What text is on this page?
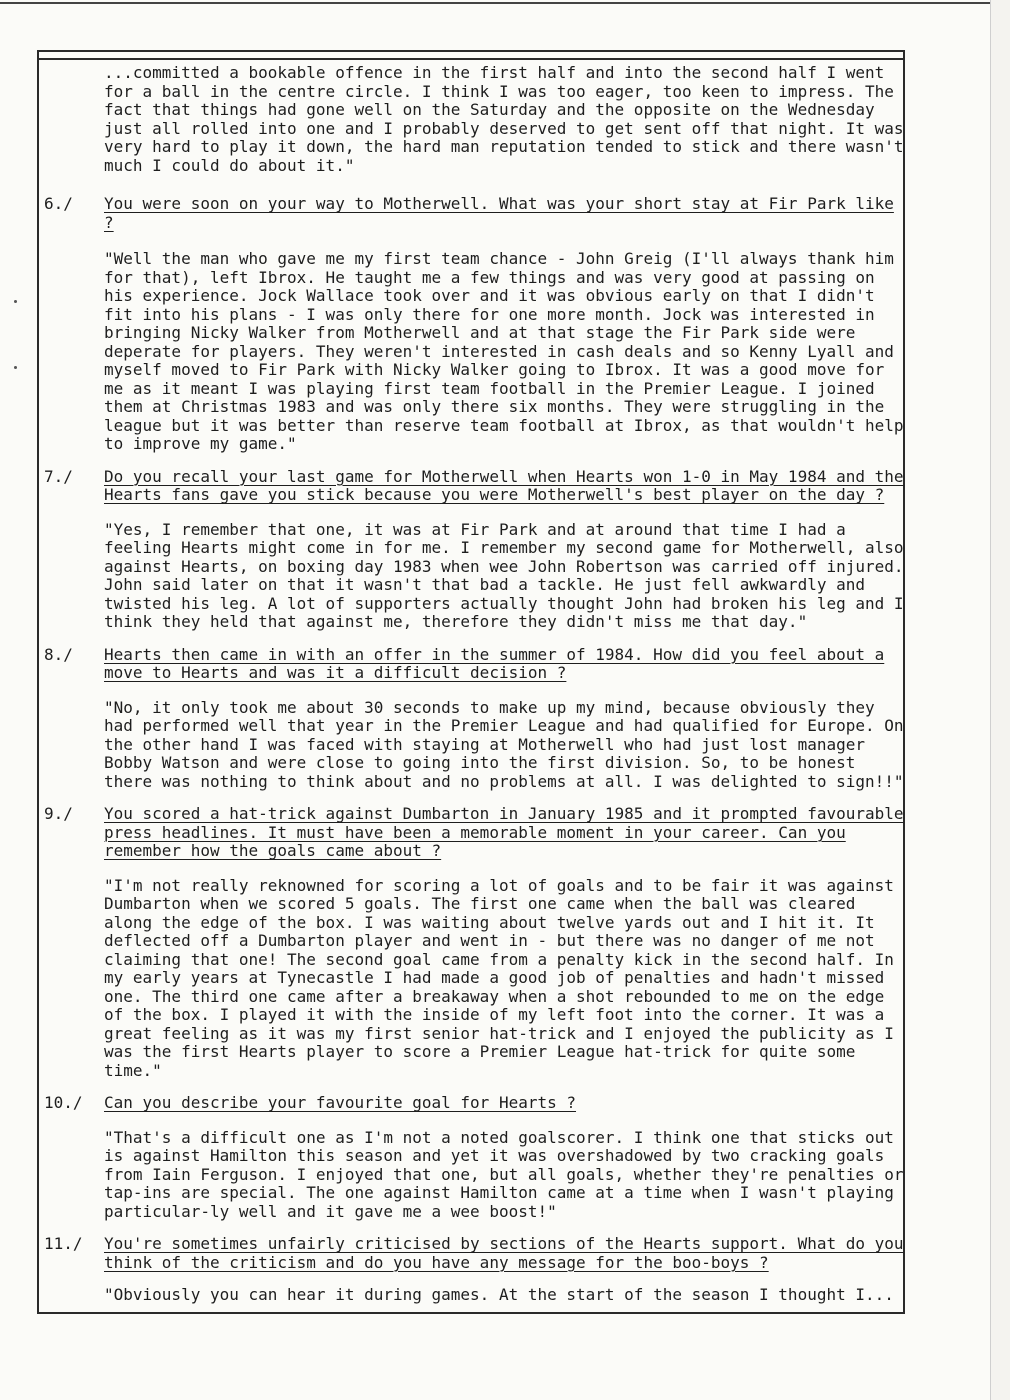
...committed a bookable offence in the first half and into the second half I went for a ball in the centre circle. I think I was too eager, too keen to impress. The fact that things had gone well on the Saturday and the opposite on the Wednesday just all rolled into one and I probably deserved to get sent off that night. It was very hard to play it down, the hard man reputation tended to stick and there wasn't much I could do about it."

6./	You were soon on your way to Motherwell. What was your short stay at Fir Park like ?

"Well the man who gave me my first team chance - John Greig (I'll always thank him for that), left Ibrox. He taught me a few things and was very good at passing on his experience. Jock Wallace took over and it was obvious early on that I didn't fit into his plans - I was only there for one more month. Jock was interested in bringing Nicky Walker from Motherwell and at that stage the Fir Park side were deperate for players. They weren't interested in cash deals and so Kenny Lyall and myself moved to Fir Park with Nicky Walker going to Ibrox. It was a good move for me as it meant I was playing first team football in the Premier League. I joined them at Christmas 1983 and was only there six months. They were struggling in the league but it was better than reserve team football at Ibrox, as that wouldn't help to improve my game."

7./	Do you recall your last game for Motherwell when Hearts won 1-0 in May 1984 and the Hearts fans gave you stick because you were Motherwell's best player on the day ?

"Yes, I remember that one, it was at Fir Park and at around that time I had a feeling Hearts might come in for me. I remember my second game for Motherwell, also against Hearts, on boxing day 1983 when wee John Robertson was carried off injured. John said later on that it wasn't that bad a tackle. He just fell awkwardly and twisted his leg. A lot of supporters actually thought John had broken his leg and I think they held that against me, therefore they didn't miss me that day."

8./	Hearts then came in with an offer in the summer of 1984. How did you feel about a move to Hearts and was it a difficult decision ?

"No, it only took me about 30 seconds to make up my mind, because obviously they had performed well that year in the Premier League and had qualified for Europe. On the other hand I was faced with staying at Motherwell who had just lost manager Bobby Watson and were close to going into the first division. So, to be honest there was nothing to think about and no problems at all. I was delighted to sign!!"

9./	You scored a hat-trick against Dumbarton in January 1985 and it prompted favourable press headlines. It must have been a memorable moment in your career. Can you remember how the goals came about ?

"I'm not really reknowned for scoring a lot of goals and to be fair it was against Dumbarton when we scored 5 goals. The first one came when the ball was cleared along the edge of the box. I was waiting about twelve yards out and I hit it. It deflected off a Dumbarton player and went in - but there was no danger of me not claiming that one! The second goal came from a penalty kick in the second half. In my early years at Tynecastle I had made a good job of penalties and hadn't missed one. The third one came after a breakaway when a shot rebounded to me on the edge of the box. I played it with the inside of my left foot into the corner. It was a great feeling as it was my first senior hat-trick and I enjoyed the publicity as I was the first Hearts player to score a Premier League hat-trick for quite some time."

10./	Can you describe your favourite goal for Hearts ?

"That's a difficult one as I'm not a noted goalscorer. I think one that sticks out is against Hamilton this season and yet it was overshadowed by two cracking goals from Iain Ferguson. I enjoyed that one, but all goals, whether they're penalties or tap-ins are special. The one against Hamilton came at a time when I wasn't playing particular-ly well and it gave me a wee boost!"

11./	You're sometimes unfairly criticised by sections of the Hearts support. What do you think of the criticism and do you have any message for the boo-boys ?

"Obviously you can hear it during games. At the start of the season I thought I...
